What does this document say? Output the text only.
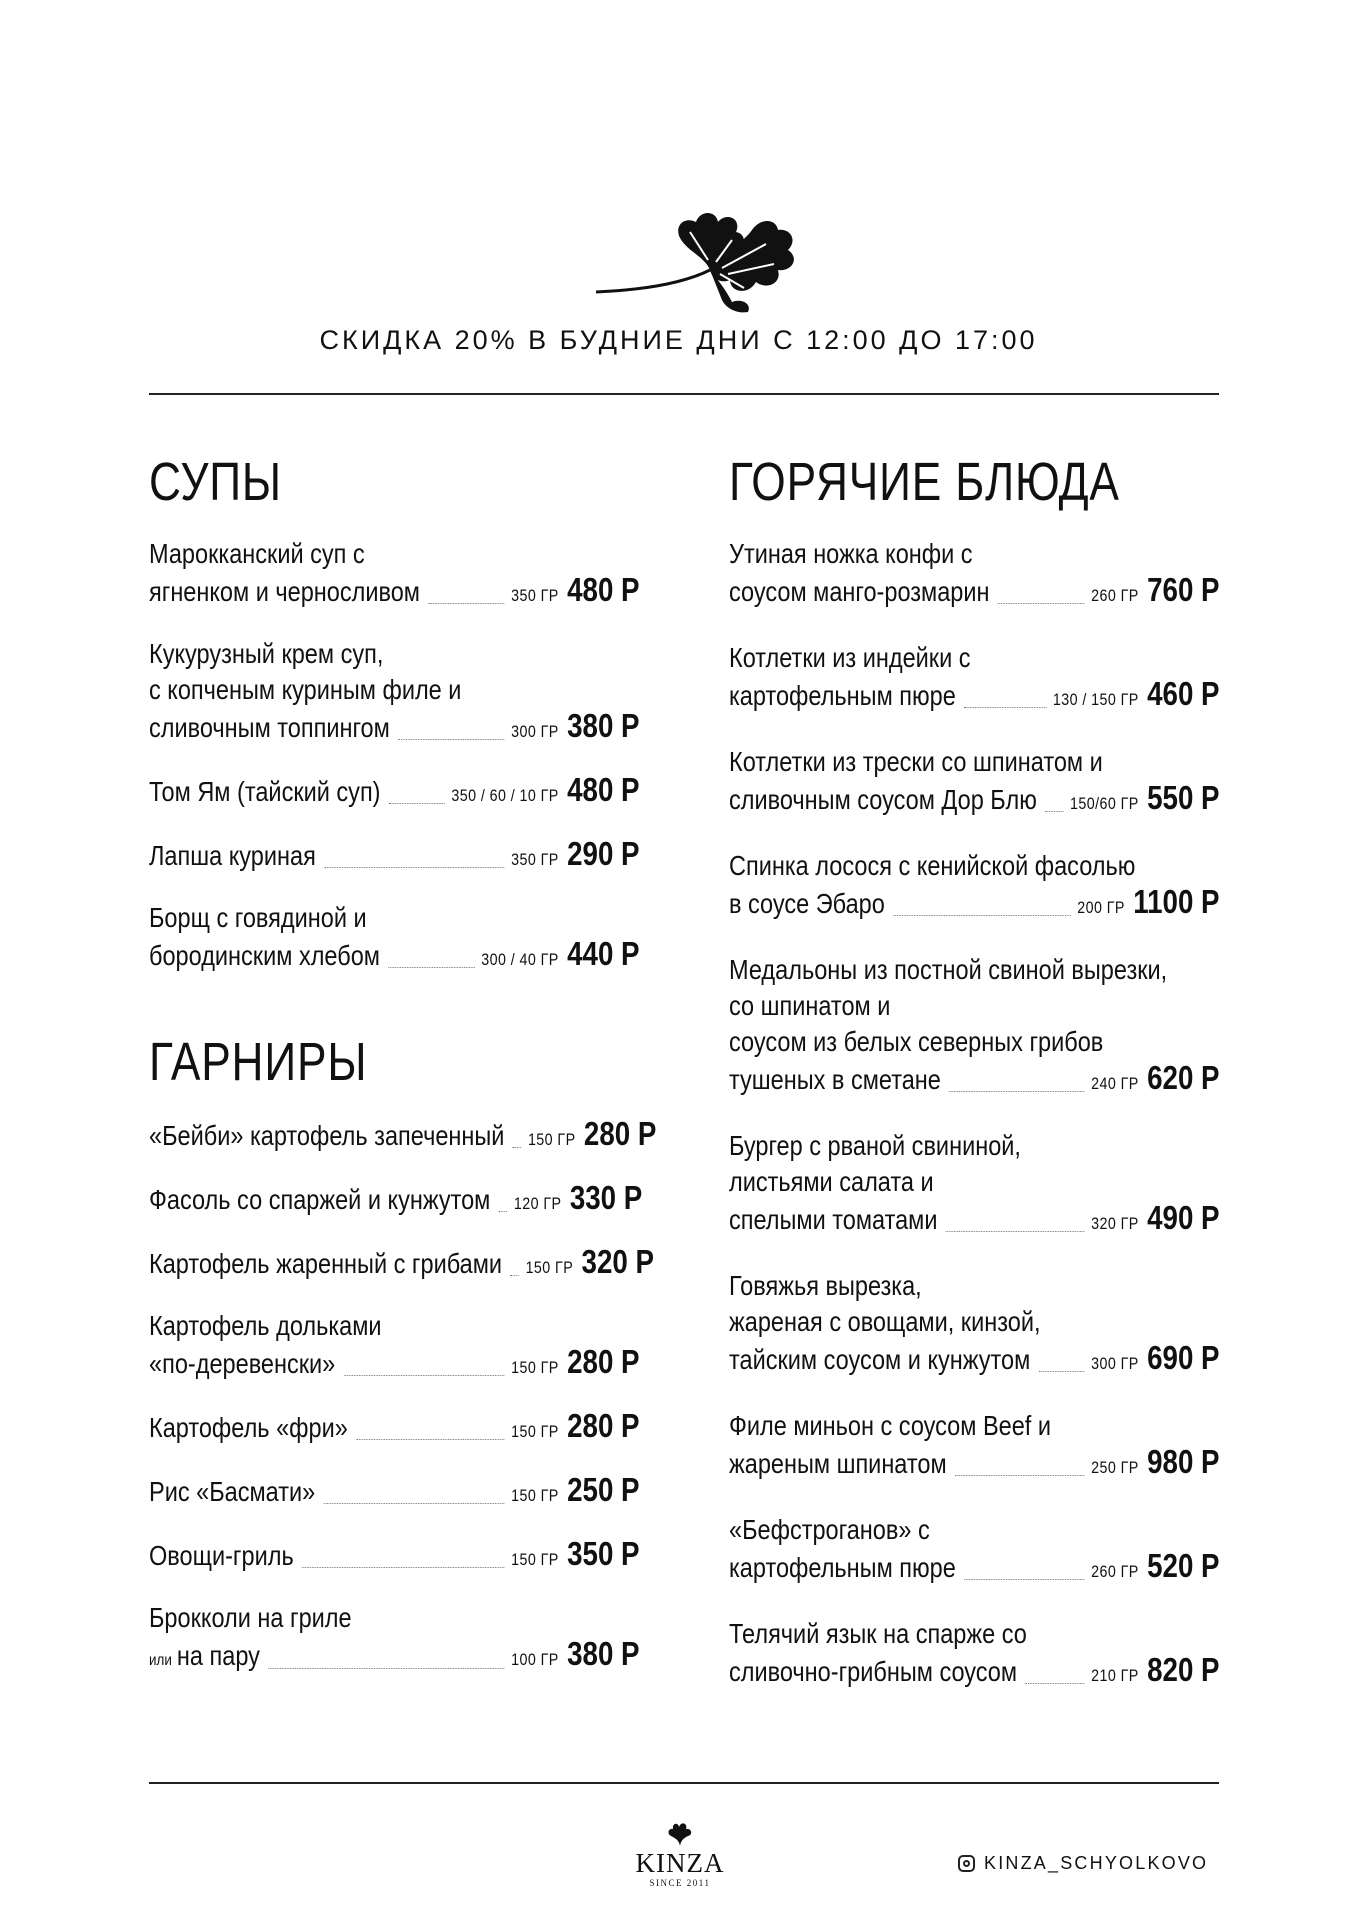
СКИДКА 20% В БУДНИЕ ДНИ С 12:00 ДО 17:00
СУПЫ
Марокканский суп с
ягненком и черносливом	350 ГР 480 Р
Кукурузный крем суп,
с копченым куриным филе и
сливочным топпингом	300 ГР 380 Р
Том Ям (тайский суп)	350 / 60 / 10 ГР 480 Р
Лапша куриная	350 ГР 290 Р
Борщ с говядиной и
бородинским хлебом	300 / 40 ГР 440 Р
ГАРНИРЫ
«Бейби» картофель запеченный 150 ГР 280 Р
Фасоль со спаржей и кунжутом 120 ГР 330 Р
Картофель жаренный с грибами 150 ГР 320 Р
Картофель дольками
«по-деревенски»	150 ГР 280 Р
Картофель «фри»	150 ГР 280 Р
Рис «Басмати»	150 ГР 250 Р
Овощи-гриль	150 ГР 350 Р
Брокколи на гриле
или на пару	100 ГР 380 Р
ГОРЯЧИЕ БЛЮДА
Утиная ножка конфи с
соусом манго-розмарин	260 ГР 760 Р
Котлетки из индейки с
картофельным пюре	130 / 150 ГР 460 Р
Котлетки из трески со шпинатом и
сливочным соусом Дор Блю 150/60 ГР 550 Р
Спинка лосося с кенийской фасолью
в соусе Эбаро	200 ГР 1100 Р
Медальоны из постной свиной вырезки,
со шпинатом и
соусом из белых северных грибов
тушеных в сметане	240 ГР 620 Р
Бургер с рваной свининой,
листьями салата и
спелыми томатами	320 ГР 490 Р
Говяжья вырезка,
жареная с овощами, кинзой,
тайским соусом и кунжутом	300 ГР 690 Р
Филе миньон с соусом Beef и
жареным шпинатом	250 ГР 980 Р
«Бефстроганов» с
картофельным пюре	260 ГР 520 Р
Телячий язык на спарже со
сливочно-грибным соусом	210 ГР 820 Р
KINZA
SINCE 2011
KINZA_SCHYOLKOVO
